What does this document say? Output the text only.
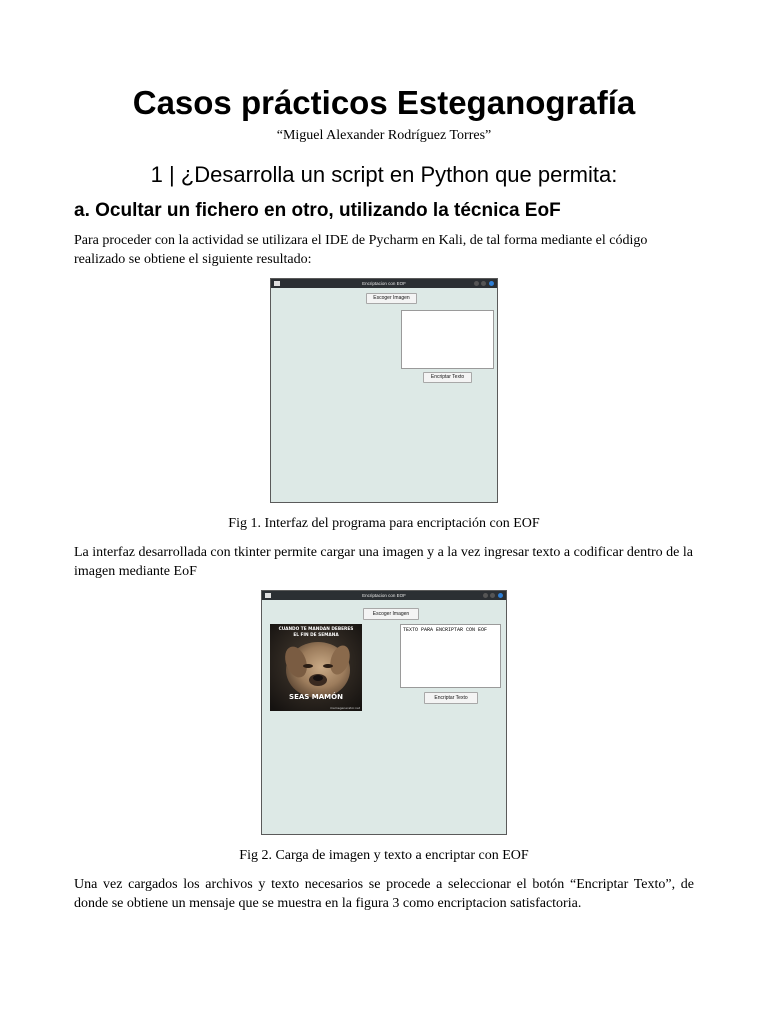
Casos prácticos Esteganografía
“Miguel Alexander Rodríguez Torres”
1 | ¿Desarrolla un script en Python que permita:
a. Ocultar un fichero en otro, utilizando la técnica EoF
Para proceder con la actividad se utilizara el IDE de Pycharm en Kali, de tal forma mediante el código realizado se obtiene el siguiente resultado:
Encriptacion con EOF
Escoger Imagen
Encriptar Texto
Fig 1. Interfaz del programa para encriptación con EOF
La interfaz desarrollada con tkinter permite cargar una imagen y a la vez ingresar texto a codificar dentro de la imagen mediante EoF
Encriptacion con EOF
Escoger Imagen
CUANDO TE MANDAN DEBERES EL FIN DE SEMANA
SEAS MAMÓN
memegenerator.net
TEXTO PARA ENCRIPTAR CON EOF
Encriptar Texto
Fig 2. Carga de imagen y texto a encriptar con EOF
Una vez cargados los archivos y texto necesarios se procede a seleccionar el botón “Encriptar Texto”, de donde se obtiene un mensaje que se muestra en la figura 3 como encriptacion satisfactoria.
